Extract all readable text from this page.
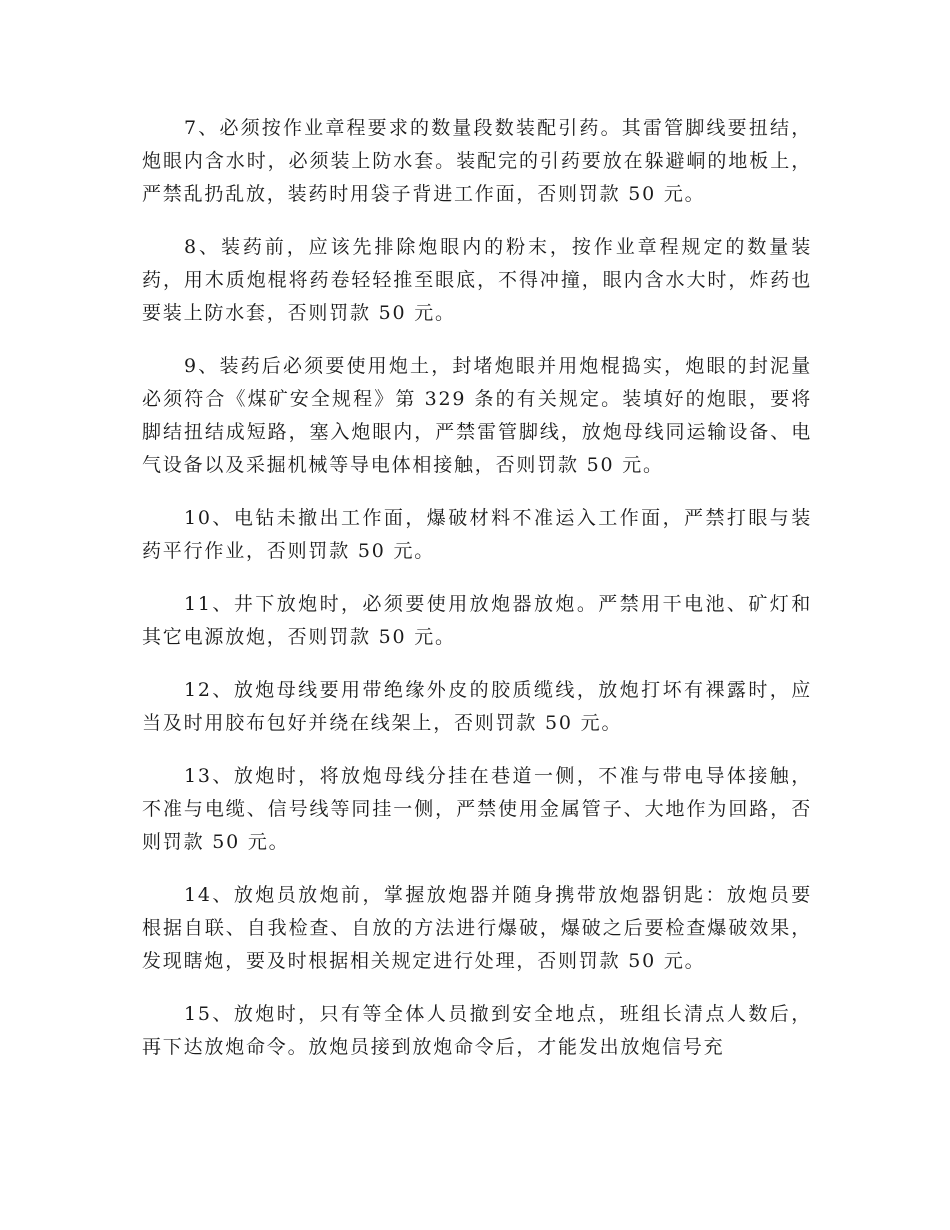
7、必须按作业章程要求的数量段数装配引药。其雷管脚线要扭结，炮眼内含水时，必须装上防水套。装配完的引药要放在躲避峒的地板上，严禁乱扔乱放，装药时用袋子背进工作面，否则罚款 50 元。

8、装药前，应该先排除炮眼内的粉末，按作业章程规定的数量装药，用木质炮棍将药卷轻轻推至眼底，不得冲撞，眼内含水大时，炸药也要装上防水套，否则罚款 50 元。

9、装药后必须要使用炮土，封堵炮眼并用炮棍捣实，炮眼的封泥量必须符合《煤矿安全规程》第 329 条的有关规定。装填好的炮眼，要将脚结扭结成短路，塞入炮眼内，严禁雷管脚线，放炮母线同运输设备、电气设备以及采掘机械等导电体相接触，否则罚款 50 元。

10、电钻未撤出工作面，爆破材料不准运入工作面，严禁打眼与装药平行作业，否则罚款 50 元。

11、井下放炮时，必须要使用放炮器放炮。严禁用干电池、矿灯和其它电源放炮，否则罚款 50 元。

12、放炮母线要用带绝缘外皮的胶质缆线，放炮打坏有裸露时，应当及时用胶布包好并绕在线架上，否则罚款 50 元。

13、放炮时，将放炮母线分挂在巷道一侧，不准与带电导体接触，不准与电缆、信号线等同挂一侧，严禁使用金属管子、大地作为回路，否则罚款 50 元。

14、放炮员放炮前，掌握放炮器并随身携带放炮器钥匙：放炮员要根据自联、自我检查、自放的方法进行爆破，爆破之后要检查爆破效果，发现瞎炮，要及时根据相关规定进行处理，否则罚款 50 元。

15、放炮时，只有等全体人员撤到安全地点，班组长清点人数后，再下达放炮命令。放炮员接到放炮命令后，才能发出放炮信号充
